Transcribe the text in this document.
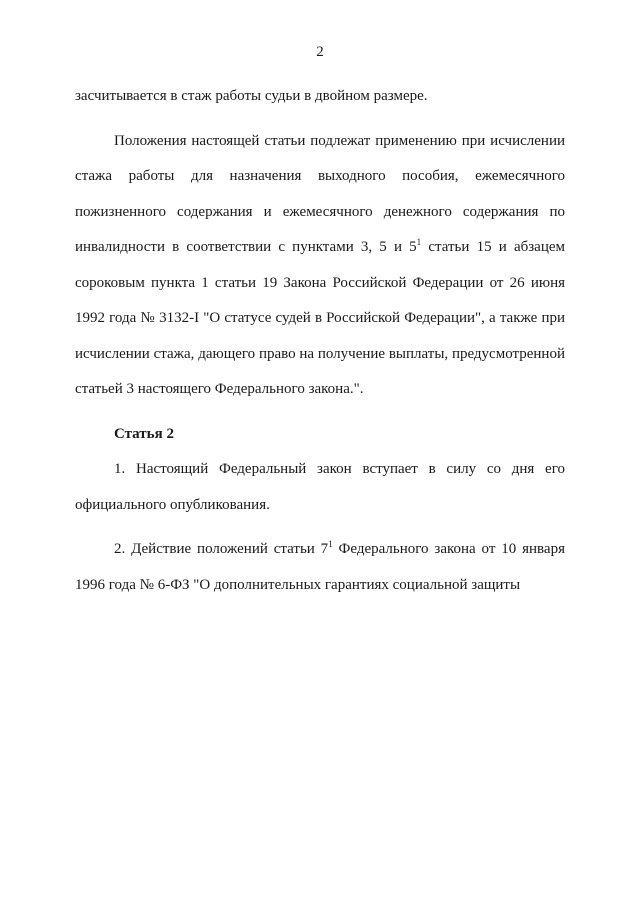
2

засчитывается в стаж работы судьи в двойном размере.

Положения настоящей статьи подлежат применению при исчислении стажа работы для назначения выходного пособия, ежемесячного пожизненного содержания и ежемесячного денежного содержания по инвалидности в соответствии с пунктами 3, 5 и $5^1$ статьи 15 и абзацем сороковым пункта 1 статьи 19 Закона Российской Федерации от 26 июня 1992 года № 3132-I "О статусе судей в Российской Федерации", а также при исчислении стажа, дающего право на получение выплаты, предусмотренной статьей 3 настоящего Федерального закона.".

Статья 2

1. Настоящий Федеральный закон вступает в силу со дня его официального опубликования.

2. Действие положений статьи $7^1$ Федерального закона от 10 января 1996 года № 6-ФЗ "О дополнительных гарантиях социальной защиты
